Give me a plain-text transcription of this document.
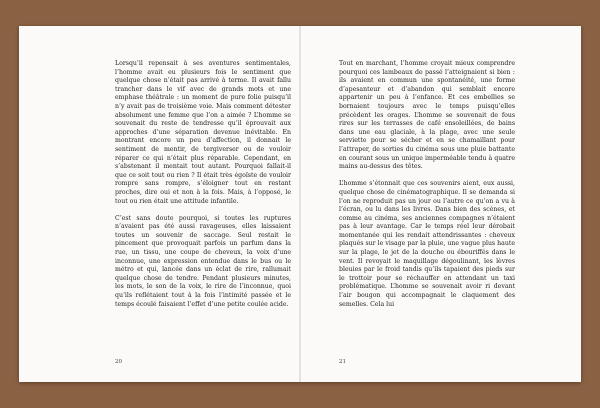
Lorsqu’il repensait à ses aventures sentimentales, l’homme avait eu plusieurs fois le sentiment que quelque chose n’était pas arrivé à terme. Il avait fallu trancher dans le vif avec de grands mots et une emphase théâtrale : un moment de pure folie puisqu’il n’y avait pas de troisième voie. Mais comment détester absolument une femme que l’on a aimée ? L’homme se souvenait du reste de tendresse qu’il éprouvait aux approches d’une séparation devenue inévitable. En montrant encore un peu d’affection, il donnait le sentiment de mentir, de tergiverser ou de vouloir réparer ce qui n’était plus réparable. Cependant, en s’abstenant il mentait tout autant. Pourquoi fallait-il que ce soit tout ou rien ? Il était très égoïste de vouloir rompre sans rompre, s’éloigner tout en restant proches, dire oui et non à la fois. Mais, à l’opposé, le tout ou rien était une attitude infantile.

C’est sans doute pourquoi, si toutes les ruptures n’avaient pas été aussi ravageuses, elles laissaient toutes un souvenir de saccage. Seul restait le pincement que provoquait parfois un parfum dans la rue, un tissu, une coupe de cheveux, la voix d’une inconnue, une expression entendue dans le bus ou le métro et qui, lancée dans un éclat de rire, rallumait quelque chose de tendre. Pendant plusieurs minutes, les mots, le son de la voix, le rire de l’inconnue, quoi qu’ils reflétaient tout à la fois l’intimité passée et le temps écoulé faisaient l’effet d’une petite coulée acide.

20

Tout en marchant, l’homme croyait mieux comprendre pourquoi ces lambeaux de passé l’atteignaient si bien : ils avaient en commun une spontanéité, une forme d’apesanteur et d’abandon qui semblait encore appartenir un peu à l’enfance. Et ces embellies se bornaient toujours avec le temps puisqu’elles précèdent les orages. L’homme se souvenait de fous rires sur les terrasses de café ensoleillées, de bains dans une eau glaciale, à la plage, avec une seule serviette pour se sécher et en se chamaillant pour l’attraper, de sorties du cinéma sous une pluie battante en courant sous un unique imperméable tendu à quatre mains au-dessus des têtes.

L’homme s’étonnait que ces souvenirs aient, eux aussi, quelque chose de cinématographique. Il se demanda si l’on ne reproduit pas un jour ou l’autre ce qu’on a vu à l’écran, ou lu dans les livres. Dans bien des scènes, et comme au cinéma, ses anciennes compagnes n’étaient pas à leur avantage. Car le temps réel leur dérobait momentanée qui les rendait attendrissantes : cheveux plaqués sur le visage par la pluie, une vague plus haute sur la plage, le jet de la douche ou ébouriffés dans le vent. Il revoyait le maquillage dégoulinant, les lèvres bleuies par le froid tandis qu’ils tapaient des pieds sur le trottoir pour se réchauffer en attendant un taxi problématique. L’homme se souvenait avoir ri devant l’air bougon qui accompagnait le claquement des semelles. Cela lui

21
